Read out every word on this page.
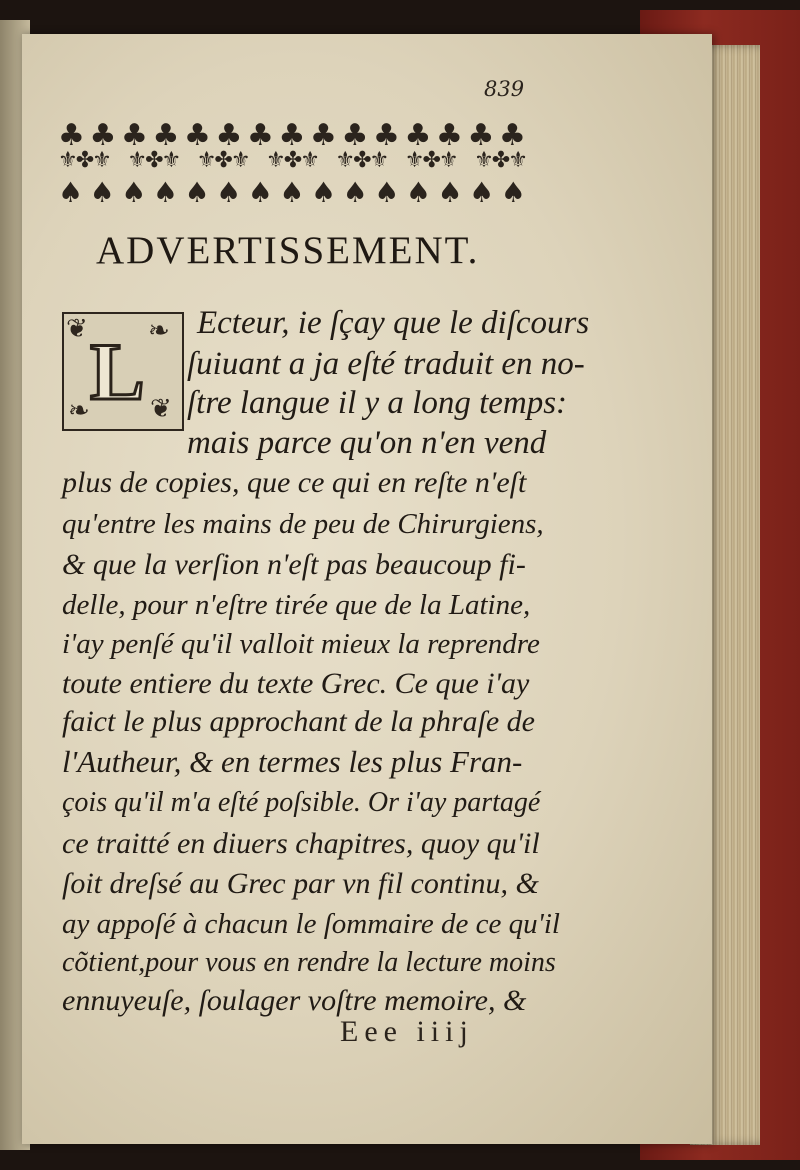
839
♣ ♣ ♣ ♣ ♣ ♣ ♣ ♣ ♣ ♣ ♣ ♣ ♣ ♣ ♣
⚜✤⚜ ⚜✤⚜ ⚜✤⚜ ⚜✤⚜ ⚜✤⚜ ⚜✤⚜ ⚜✤⚜
♠ ♠ ♠ ♠ ♠ ♠ ♠ ♠ ♠ ♠ ♠ ♠ ♠ ♠ ♠
ADVERTISSEMENT.
❦ ❧
❧ ❦
L
Ecteur, ie ſçay que le diſcours
ſuiuant a ja eſté traduit en no-
ſtre langue il y a long temps:
mais parce qu'on n'en vend
plus de copies, que ce qui en reſte n'eſt
qu'entre les mains de peu de Chirurgiens,
& que la verſion n'eſt pas beaucoup fi-
delle, pour n'eſtre tirée que de la Latine,
i'ay penſé qu'il valloit mieux la reprendre
toute entiere du texte Grec. Ce que i'ay
faict le plus approchant de la phraſe de
l'Autheur, & en termes les plus Fran-
çois qu'il m'a eſté poſsible. Or i'ay partagé
ce traitté en diuers chapitres, quoy qu'il
ſoit dreſsé au Grec par vn fil continu, &
ay appoſé à chacun le ſommaire de ce qu'il
cõtient,pour vous en rendre la lecture moins
ennuyeuſe, ſoulager voſtre memoire, &
Eee iiij
